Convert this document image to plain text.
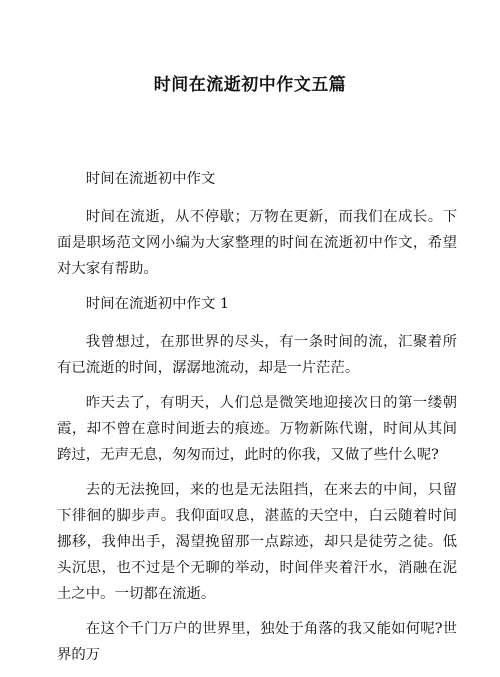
时间在流逝初中作文五篇

时间在流逝初中作文

时间在流逝，从不停歇；万物在更新，而我们在成长。下面是职场范文网小编为大家整理的时间在流逝初中作文，希望对大家有帮助。

时间在流逝初中作文 1

我曾想过，在那世界的尽头，有一条时间的流，汇聚着所有已流逝的时间，潺潺地流动，却是一片茫茫。

昨天去了，有明天，人们总是微笑地迎接次日的第一缕朝霞，却不曾在意时间逝去的痕迹。万物新陈代谢，时间从其间跨过，无声无息，匆匆而过，此时的你我，又做了些什么呢?

去的无法挽回，来的也是无法阻挡，在来去的中间，只留下徘徊的脚步声。我仰面叹息，湛蓝的天空中，白云随着时间挪移，我伸出手，渴望挽留那一点踪迹，却只是徒劳之徒。低头沉思，也不过是个无聊的举动，时间伴夹着汗水，消融在泥土之中。一切都在流逝。

在这个千门万户的世界里，独处于角落的我又能如何呢?世界的万
